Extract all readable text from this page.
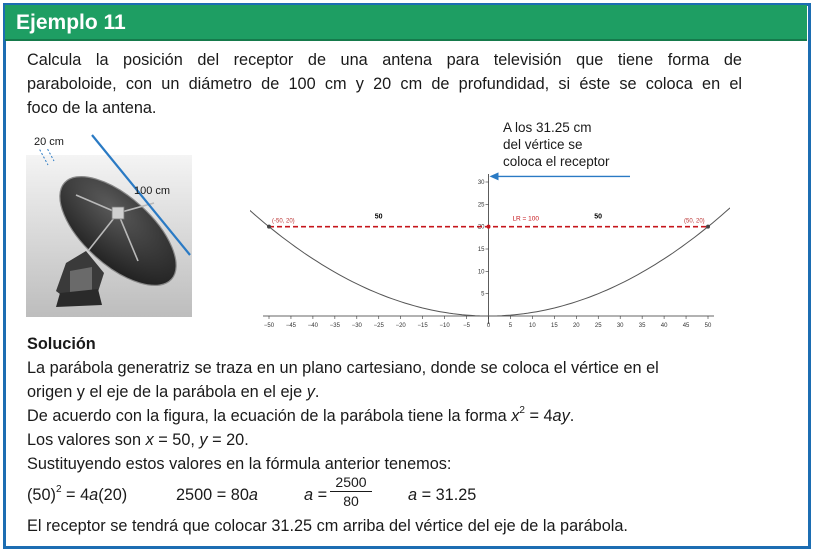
Ejemplo 11
Calcula la posición del receptor de una antena para televisión que tiene forma de
paraboloide, con un diámetro de 100 cm y 20 cm de profundidad, si éste se coloca en el
foco de la antena.
20 cm
100 cm
−50 −45 −40 −35 −30 −25 −20 −15 −10 −5	0	5	10	15	20	25	30	35	40	45	50
5
10
15
20
25
30
(-50, 20)	(50, 20)
50	50
LR = 100
A los 31.25 cm del vértice se coloca el receptor
Solución
La parábola generatriz se traza en un plano cartesiano, donde se coloca el vértice en el
origen y el eje de la parábola en el eje y.
De acuerdo con la figura, la ecuación de la parábola tiene la forma $x^2 = 4ay$.
Los valores son x = 50, y = 20.
Sustituyendo estos valores en la fórmula anterior tenemos:
$(50)^2 = 4a(20)$	2500 = 80a	$a = \frac{2500}{80}$ a = 31.25
El receptor se tendrá que colocar 31.25 cm arriba del vértice del eje de la parábola.
